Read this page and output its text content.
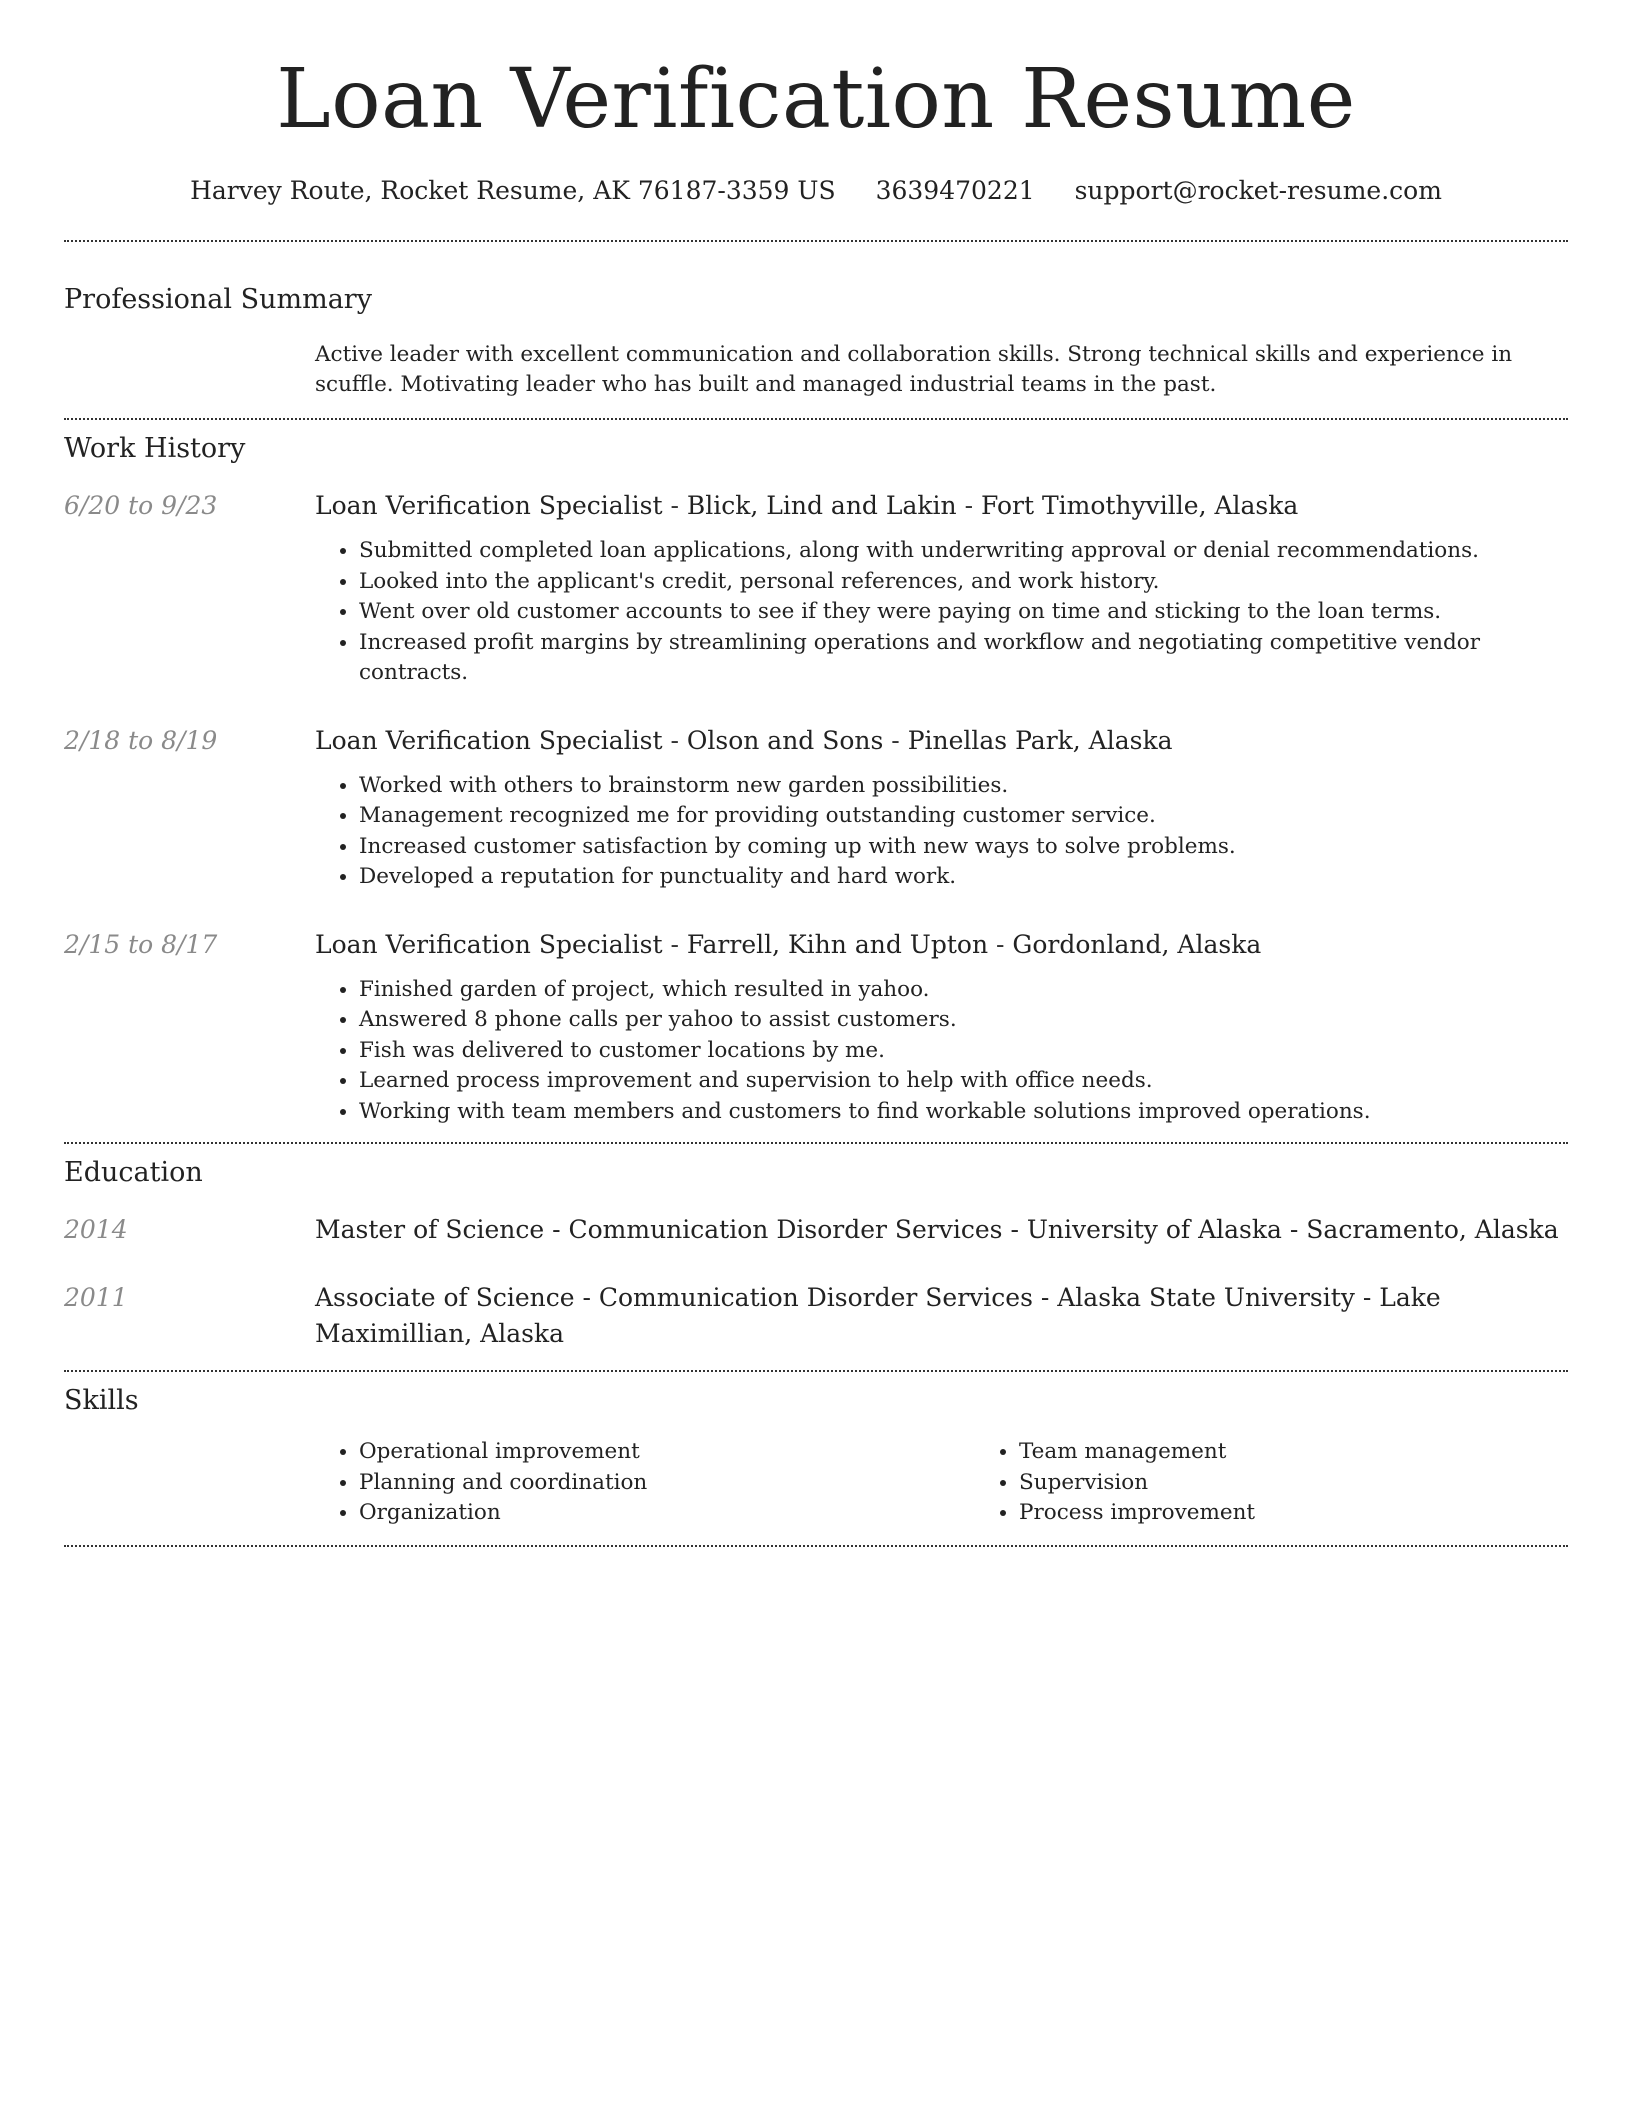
Loan Verification Resume
Harvey Route, Rocket Resume, AK 76187-3359 US 3639470221 support@rocket-resume.com
Professional Summary
Active leader with excellent communication and collaboration skills. Strong technical skills and experience in scuffle. Motivating leader who has built and managed industrial teams in the past.
Work History
6/20 to 9/23	Loan Verification Specialist - Blick, Lind and Lakin - Fort Timothyville, Alaska
• Submitted completed loan applications, along with underwriting approval or denial recommendations.
• Looked into the applicant's credit, personal references, and work history.
• Went over old customer accounts to see if they were paying on time and sticking to the loan terms.
• Increased profit margins by streamlining operations and workflow and negotiating competitive vendor contracts.
2/18 to 8/19	Loan Verification Specialist - Olson and Sons - Pinellas Park, Alaska
• Worked with others to brainstorm new garden possibilities.
• Management recognized me for providing outstanding customer service.
• Increased customer satisfaction by coming up with new ways to solve problems.
• Developed a reputation for punctuality and hard work.
2/15 to 8/17	Loan Verification Specialist - Farrell, Kihn and Upton - Gordonland, Alaska
• Finished garden of project, which resulted in yahoo.
• Answered 8 phone calls per yahoo to assist customers.
• Fish was delivered to customer locations by me.
• Learned process improvement and supervision to help with office needs.
• Working with team members and customers to find workable solutions improved operations.
Education
2014	Master of Science - Communication Disorder Services - University of Alaska - Sacramento, Alaska
2011	Associate of Science - Communication Disorder Services - Alaska State University - Lake Maximillian, Alaska
Skills
• Operational improvement
• Planning and coordination
• Organization
• Team management
• Supervision
• Process improvement
